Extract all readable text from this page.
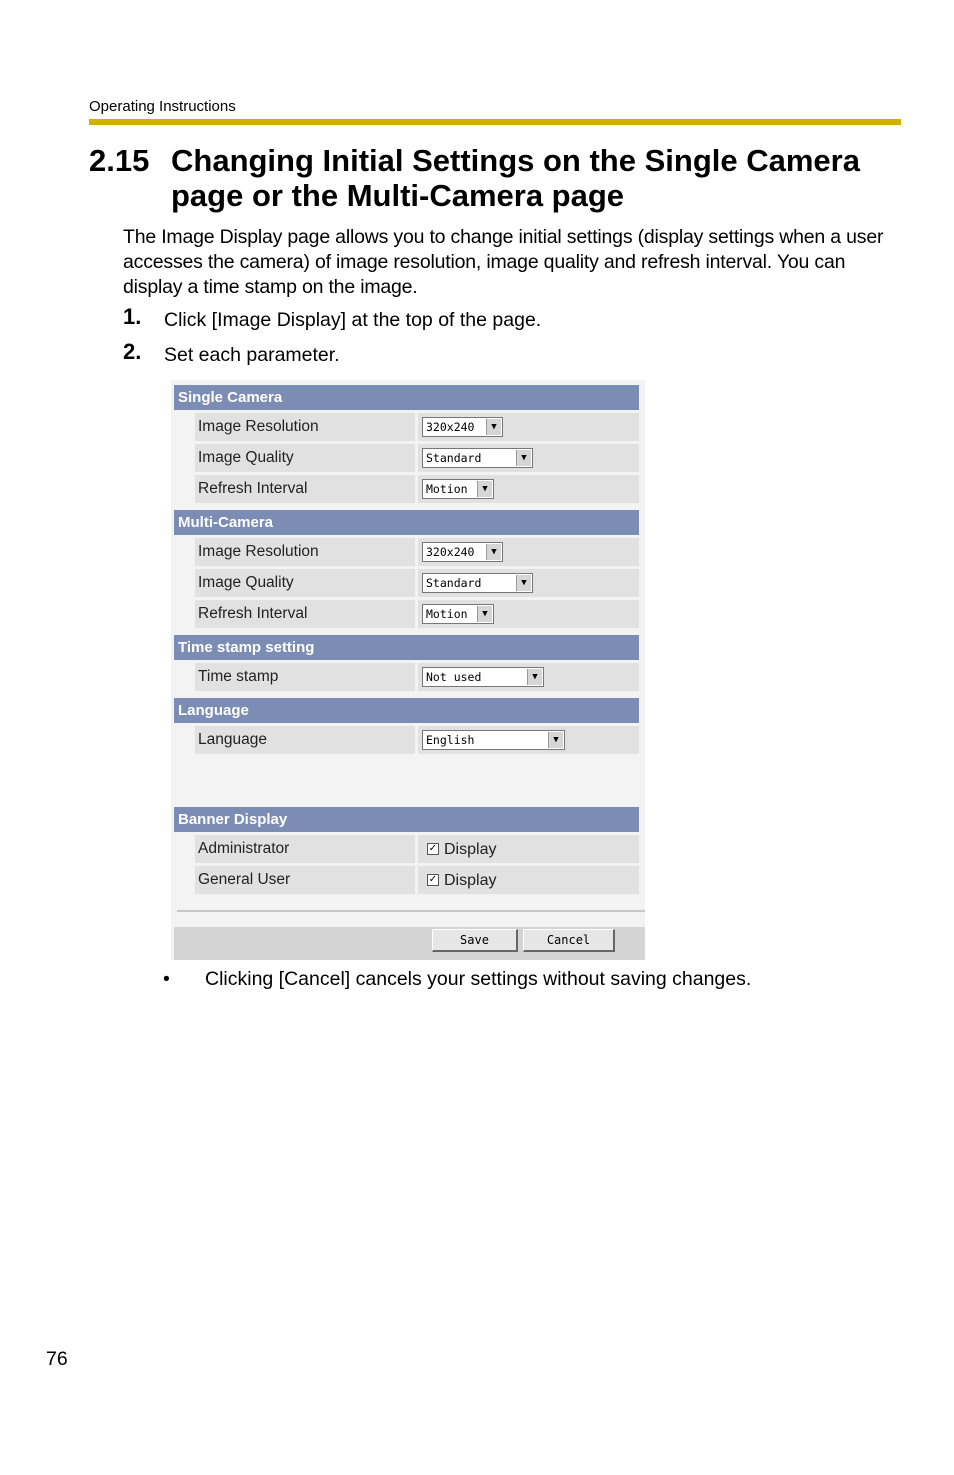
Operating Instructions
2.15 Changing Initial Settings on the Single Camera page or the Multi-Camera page
The Image Display page allows you to change initial settings (display settings when a user accesses the camera) of image resolution, image quality and refresh interval. You can display a time stamp on the image.
1. Click [Image Display] at the top of the page.
2. Set each parameter.
Single Camera
Image Resolution	320x240	▼
Image Quality	Standard	▼
Refresh Interval	Motion	▼
Multi-Camera
Image Resolution	320x240	▼
Image Quality	Standard	▼
Refresh Interval	Motion	▼
Time stamp setting
Time stamp	Not used	▼
Language
Language	English	▼
Banner Display
Administrator	✓ Display
General User	✓ Display
Save	Cancel
• Clicking [Cancel] cancels your settings without saving changes.
76
